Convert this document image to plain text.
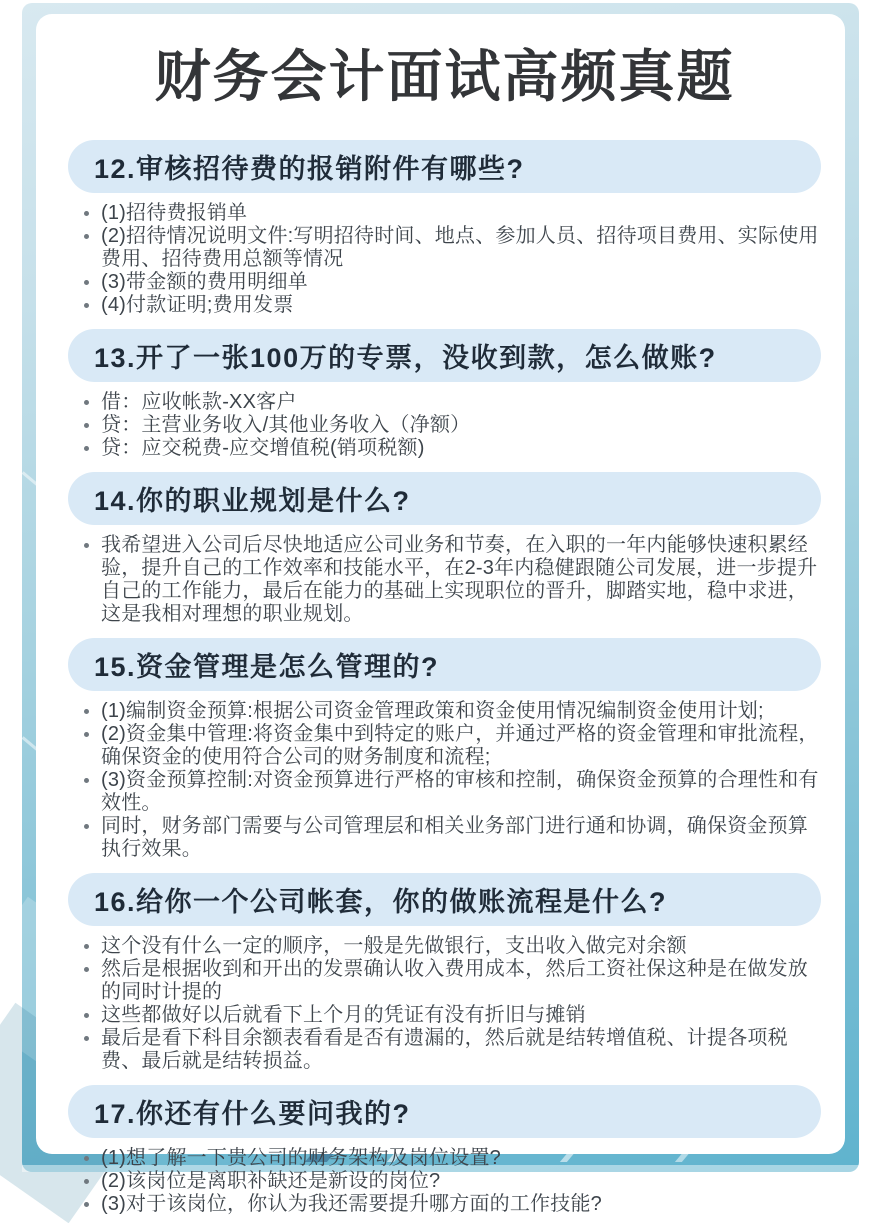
财务会计面试高频真题
12.审核招待费的报销附件有哪些?
(1)招待费报销单
(2)招待情况说明文件:写明招待时间、地点、参加人员、招待项目费用、实际使用费用、招待费用总额等情况
(3)带金额的费用明细单
(4)付款证明;费用发票
13.开了一张100万的专票，没收到款，怎么做账?
借：应收帐款-XX客户
贷：主营业务收入/其他业务收入（净额）
贷：应交税费-应交增值税(销项税额)
14.你的职业规划是什么?
我希望进入公司后尽快地适应公司业务和节奏，在入职的一年内能够快速积累经验，提升自己的工作效率和技能水平，在2-3年内稳健跟随公司发展，进一步提升自己的工作能力，最后在能力的基础上实现职位的晋升，脚踏实地，稳中求进，这是我相对理想的职业规划。
15.资金管理是怎么管理的?
(1)编制资金预算:根据公司资金管理政策和资金使用情况编制资金使用计划;
(2)资金集中管理:将资金集中到特定的账户，并通过严格的资金管理和审批流程，确保资金的使用符合公司的财务制度和流程;
(3)资金预算控制:对资金预算进行严格的审核和控制，确保资金预算的合理性和有效性。
同时，财务部门需要与公司管理层和相关业务部门进行通和协调，确保资金预算执行效果。
16.给你一个公司帐套，你的做账流程是什么?
这个没有什么一定的顺序，一般是先做银行，支出收入做完对余额
然后是根据收到和开出的发票确认收入费用成本，然后工资社保这种是在做发放的同时计提的
这些都做好以后就看下上个月的凭证有没有折旧与摊销
最后是看下科目余额表看看是否有遗漏的，然后就是结转增值税、计提各项税费、最后就是结转损益。
17.你还有什么要问我的?
(1)想了解一下贵公司的财务架构及岗位设置?
(2)该岗位是离职补缺还是新设的岗位?
(3)对于该岗位，你认为我还需要提升哪方面的工作技能?
